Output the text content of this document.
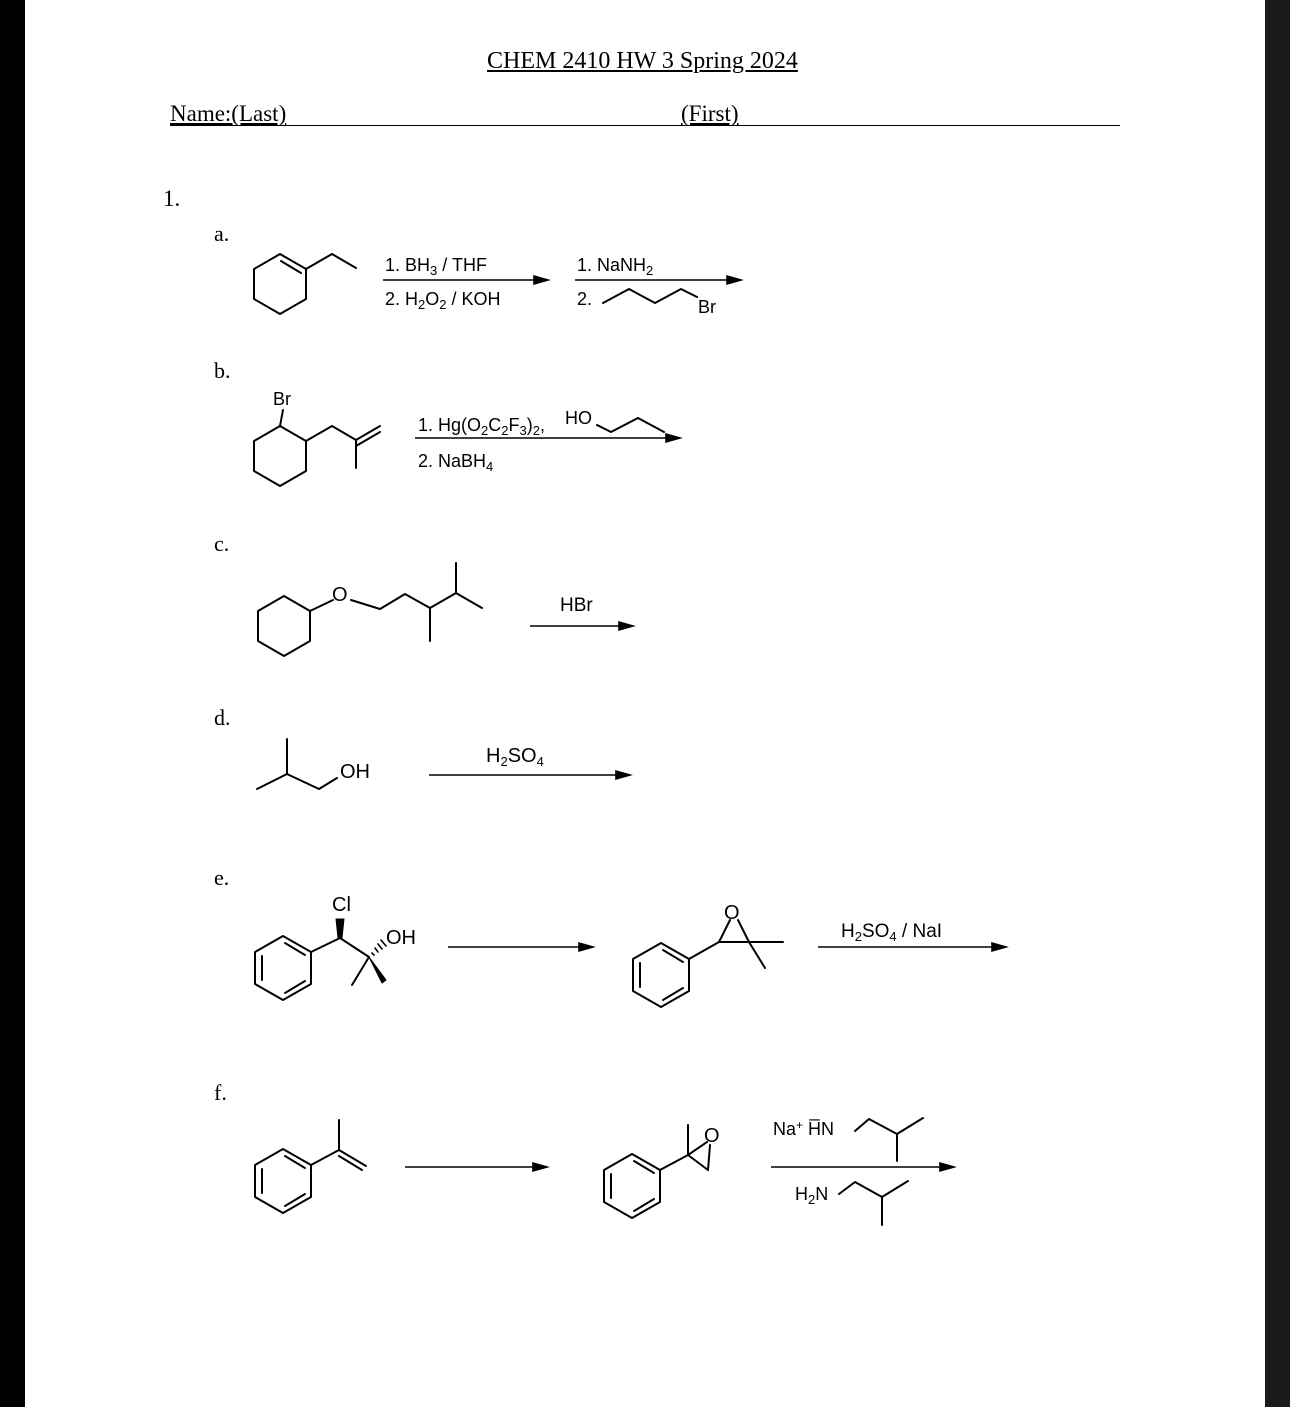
CHEM 2410 HW 3 Spring 2024
Name:(Last)	(First)
1.
a.
b.
c.
d.
e.
f.
Br
O
OH
Cl
OH
O
O
1. $BH_3$ / THF
2. $H_2O_2$ / KOH
1. NaNH$_2$
2.	Br
1. $Hg(O_2C_2F_3)_2$, HO
2. NaBH$_4$
HBr
$H_2SO_4$
$H_2SO_4$ / NaI
Na+ H̅N
$H_2N$
